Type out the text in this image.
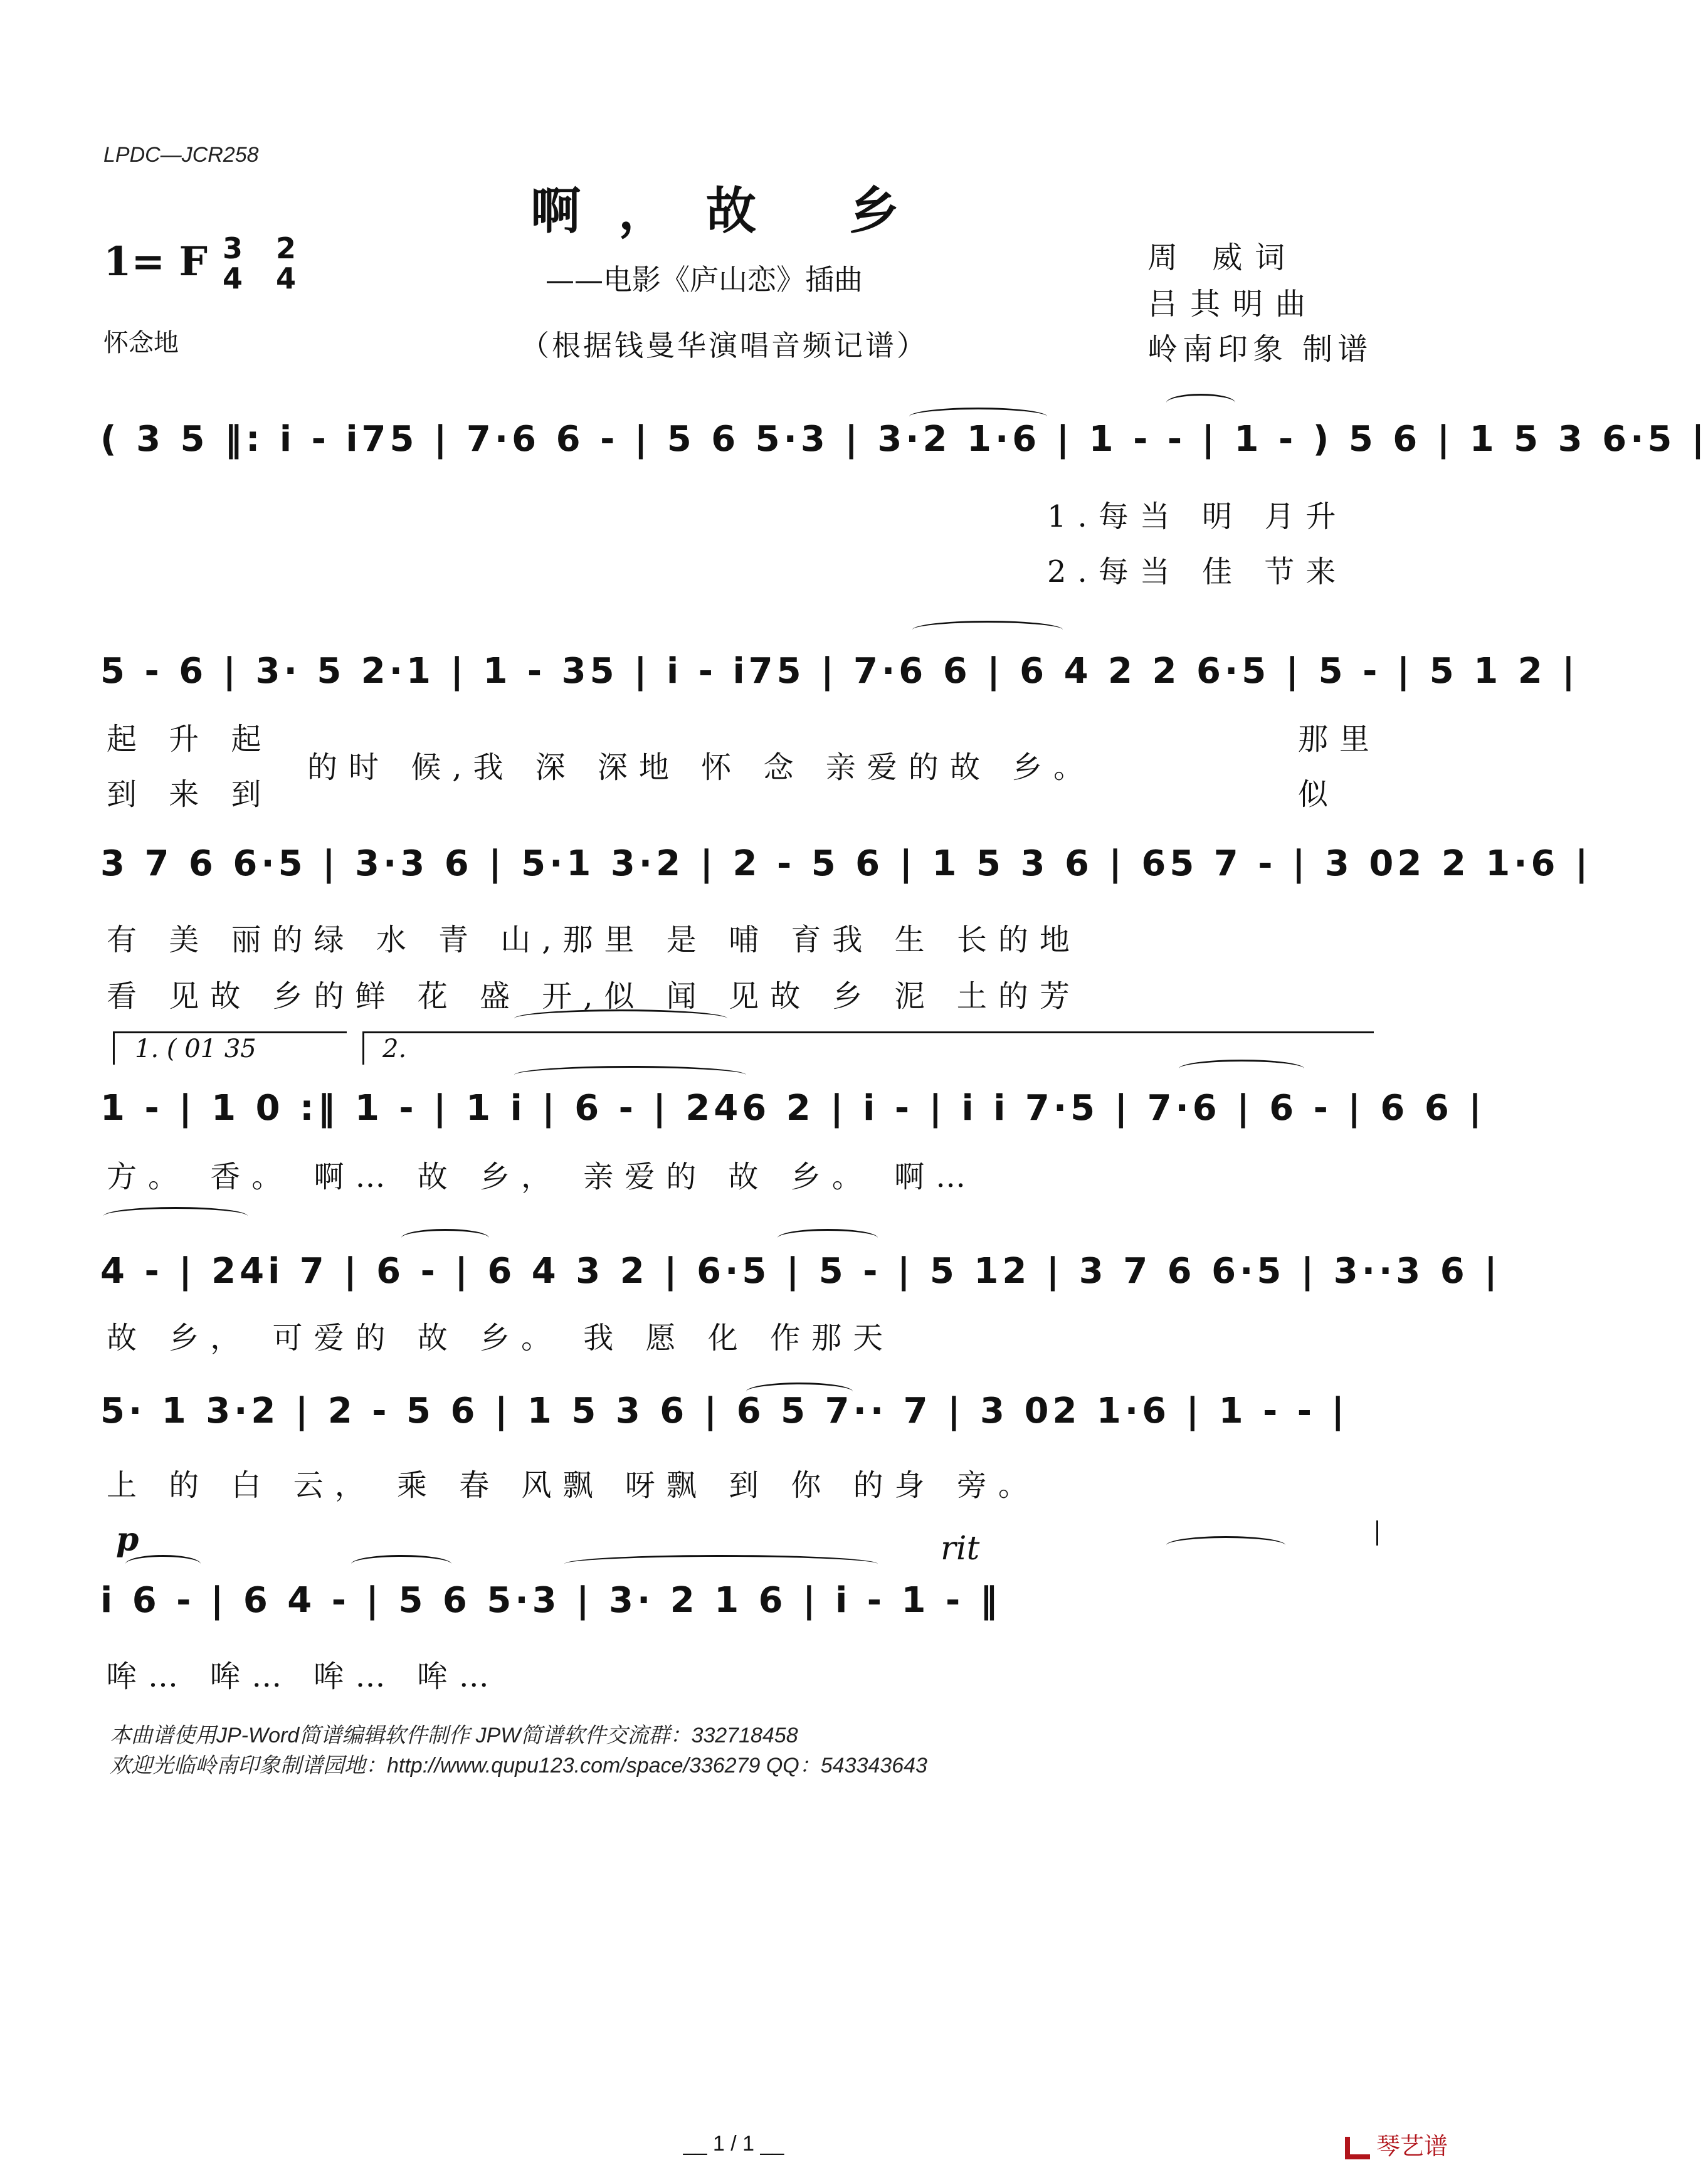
LPDC—JCR258
啊，故 乡
1= F 3
4
2
4	——电影《庐山恋》插曲
（根据钱曼华演唱音频记谱）
周 威词
吕其明曲
岭南印象 制谱
怀念地
( 3 5 ‖: i - i75 | 7·6 6 - | 5 6 5·3 | 3·2 1·6 | 1 - - | 1 - ) 5 6 | 1 5 3 6·5 |
1.每当 明 月升
2.每当 佳 节来
5 - 6 | 3· 5 2·1 | 1 - 35 | i - i75 | 7·6 6 | 6 4 2 2 6·5 | 5 - | 5 1 2 |
起 升 起
到 来 到
的时 候,我 深 深地 怀 念 亲爱的故 乡。
那里
似
3 7 6 6·5 | 3·3 6 | 5·1 3·2 | 2 - 5 6 | 1 5 3 6 | 65 7 - | 3 02 2 1·6 |
有 美 丽的绿 水 青 山,那里 是 哺 育我 生 长的地
看 见故 乡的鲜 花 盛 开,似 闻 见故 乡 泥 土的芳
1. ( 01 35	2.
1 - | 1 0 :‖ 1 - | 1 i | 6 - | 246 2 | i - | i i 7·5 | 7·6 | 6 - | 6 6 |
方。 香。 啊… 故 乡， 亲爱的 故 乡。 啊…
4 - | 24i 7 | 6 - | 6 4 3 2 | 6·5 | 5 - | 5 12 | 3 7 6 6·5 | 3··3 6 |
故 乡， 可爱的 故 乡。 我 愿 化 作那天
5· 1 3·2 | 2 - 5 6 | 1 5 3 6 | 6 5 7·· 7 | 3 02 1·6 | 1 - - |
上 的 白 云， 乘 春 风飘 呀飘 到 你 的身 旁。
p	rit
i 6 - | 6 4 - | 5 6 5·3 | 3· 2 1 6 | i - 1 - ‖
哞… 哞… 哞… 哞…
本曲谱使用JP-Word简谱编辑软件制作 JPW简谱软件交流群：332718458
欢迎光临岭南印象制谱园地：http://www.qupu123.com/space/336279 QQ：543343643
__ 1 / 1 __	琴艺谱
